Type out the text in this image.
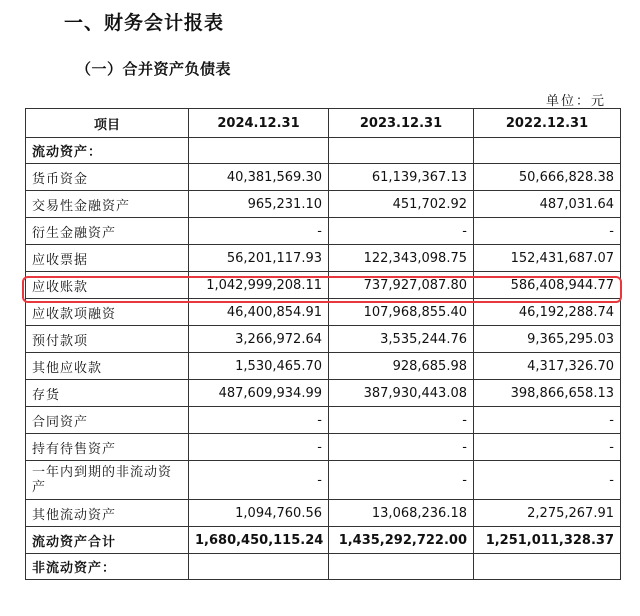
一、财务会计报表
（一）合并资产负债表
单位：元
项目	2024.12.31	2023.12.31	2022.12.31
流动资产：			
货币资金	40,381,569.30	61,139,367.13	50,666,828.38
交易性金融资产	965,231.10	451,702.92	487,031.64
衍生金融资产	-	-	-
应收票据	56,201,117.93	122,343,098.75	152,431,687.07
应收账款	1,042,999,208.11	737,927,087.80	586,408,944.77
应收款项融资	46,400,854.91	107,968,855.40	46,192,288.74
预付款项	3,266,972.64	3,535,244.76	9,365,295.03
其他应收款	1,530,465.70	928,685.98	4,317,326.70
存货	487,609,934.99	387,930,443.08	398,866,658.13
合同资产	-	-	-
持有待售资产	-	-	-
一年内到期的非流动资产	-	-	-
其他流动资产	1,094,760.56	13,068,236.18	2,275,267.91
流动资产合计	1,680,450,115.24	1,435,292,722.00	1,251,011,328.37
非流动资产：			
